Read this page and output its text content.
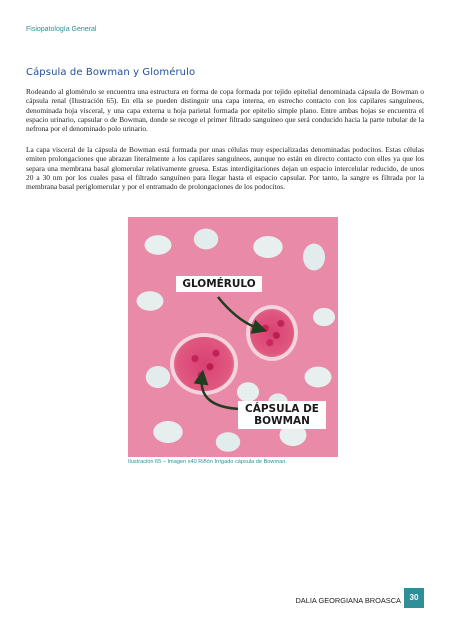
Fisiopatología General
Cápsula de Bowman y Glomérulo

Rodeando al glomérulo se encuentra una estructura en forma de copa formada por tejido epitelial denominada cápsula de Bowman o cápsula renal (Ilustración 65). En ella se pueden distinguir una capa interna, en estrecho contacto con los capilares sanguíneos, denominada hoja visceral, y una capa externa u hoja parietal formada por epitelio simple plano. Entre ambas hojas se encuentra el espacio urinario, capsular o de Bowman, donde se recoge el primer filtrado sanguíneo que será conducido hacia la parte tubular de la nefrona por el denominado polo urinario.

La capa visceral de la cápsula de Bowman está formada por unas células muy especializadas denominadas podocitos. Estas células emiten prolongaciones que abrazan literalmente a los capilares sanguíneos, aunque no están en directo contacto con elles ya que los separa una membrana basal glomerular relativamente gruesa. Estas interdigitaciones dejan un espacio intercelular reducido, de unos 20 a 30 nm por los cuales pasa el filtrado sanguíneo para llegar hasta el espacio capsular. Por tanto, la sangre es filtrada por la membrana basal periglomerular y por el entramado de prolongaciones de los podocitos.

GLOMÉRULO
CÁPSULA DE BOWMAN
Ilustración 65 – Imagen x40 Riñón Irrigado cápsula de Bowman.
DALIA GEORGIANA BROASCA	30
